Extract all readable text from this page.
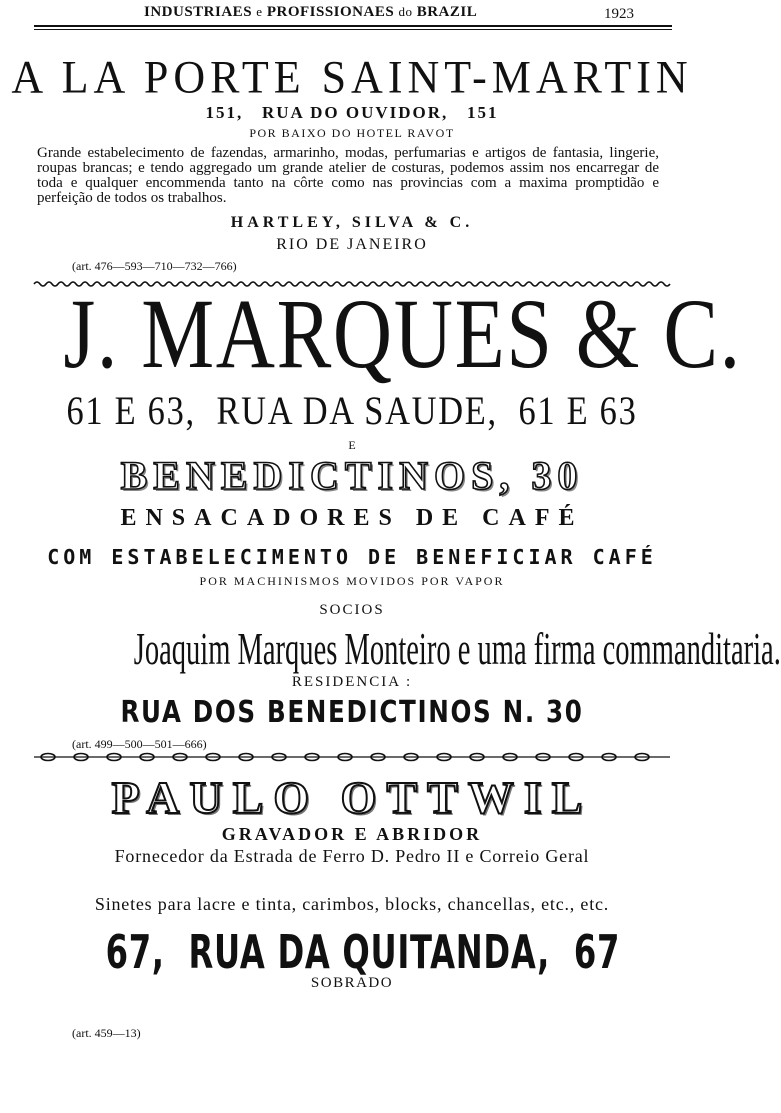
INDUSTRIAES e PROFISSIONAES do BRAZIL	1923
A LA PORTE SAINT-MARTIN
151,   RUA DO OUVIDOR,   151
POR BAIXO DO HOTEL RAVOT
Grande estabelecimento de fazendas, armarinho, modas, perfumarias e artigos de fantasia, lingerie, roupas brancas; e tendo aggregado um grande atelier de costuras, podemos assim nos encarregar de toda e qualquer encommenda tanto na côrte como nas provincias com a maxima promptidão e perfeição de todos os trabalhos.
HARTLEY, SILVA & C.
RIO DE JANEIRO
(art. 476—593—710—732—766)
J. MARQUES & C.
61 E 63,  RUA DA SAUDE,  61 E 63
E
BENEDICTINOS, 30
ENSACADORES DE CAFÉ
COM ESTABELECIMENTO DE BENEFICIAR CAFÉ
POR MACHINISMOS MOVIDOS POR VAPOR
SOCIOS
Joaquim Marques Monteiro e uma firma commanditaria.
RESIDENCIA :
RUA DOS BENEDICTINOS N. 30
(art. 499—500—501—666)
PAULO OTTWIL
GRAVADOR E ABRIDOR
Fornecedor da Estrada de Ferro D. Pedro II e Correio Geral
Sinetes para lacre e tinta, carimbos, blocks, chancellas, etc., etc.
67,  RUA DA QUITANDA,  67
SOBRADO
(art. 459—13)
